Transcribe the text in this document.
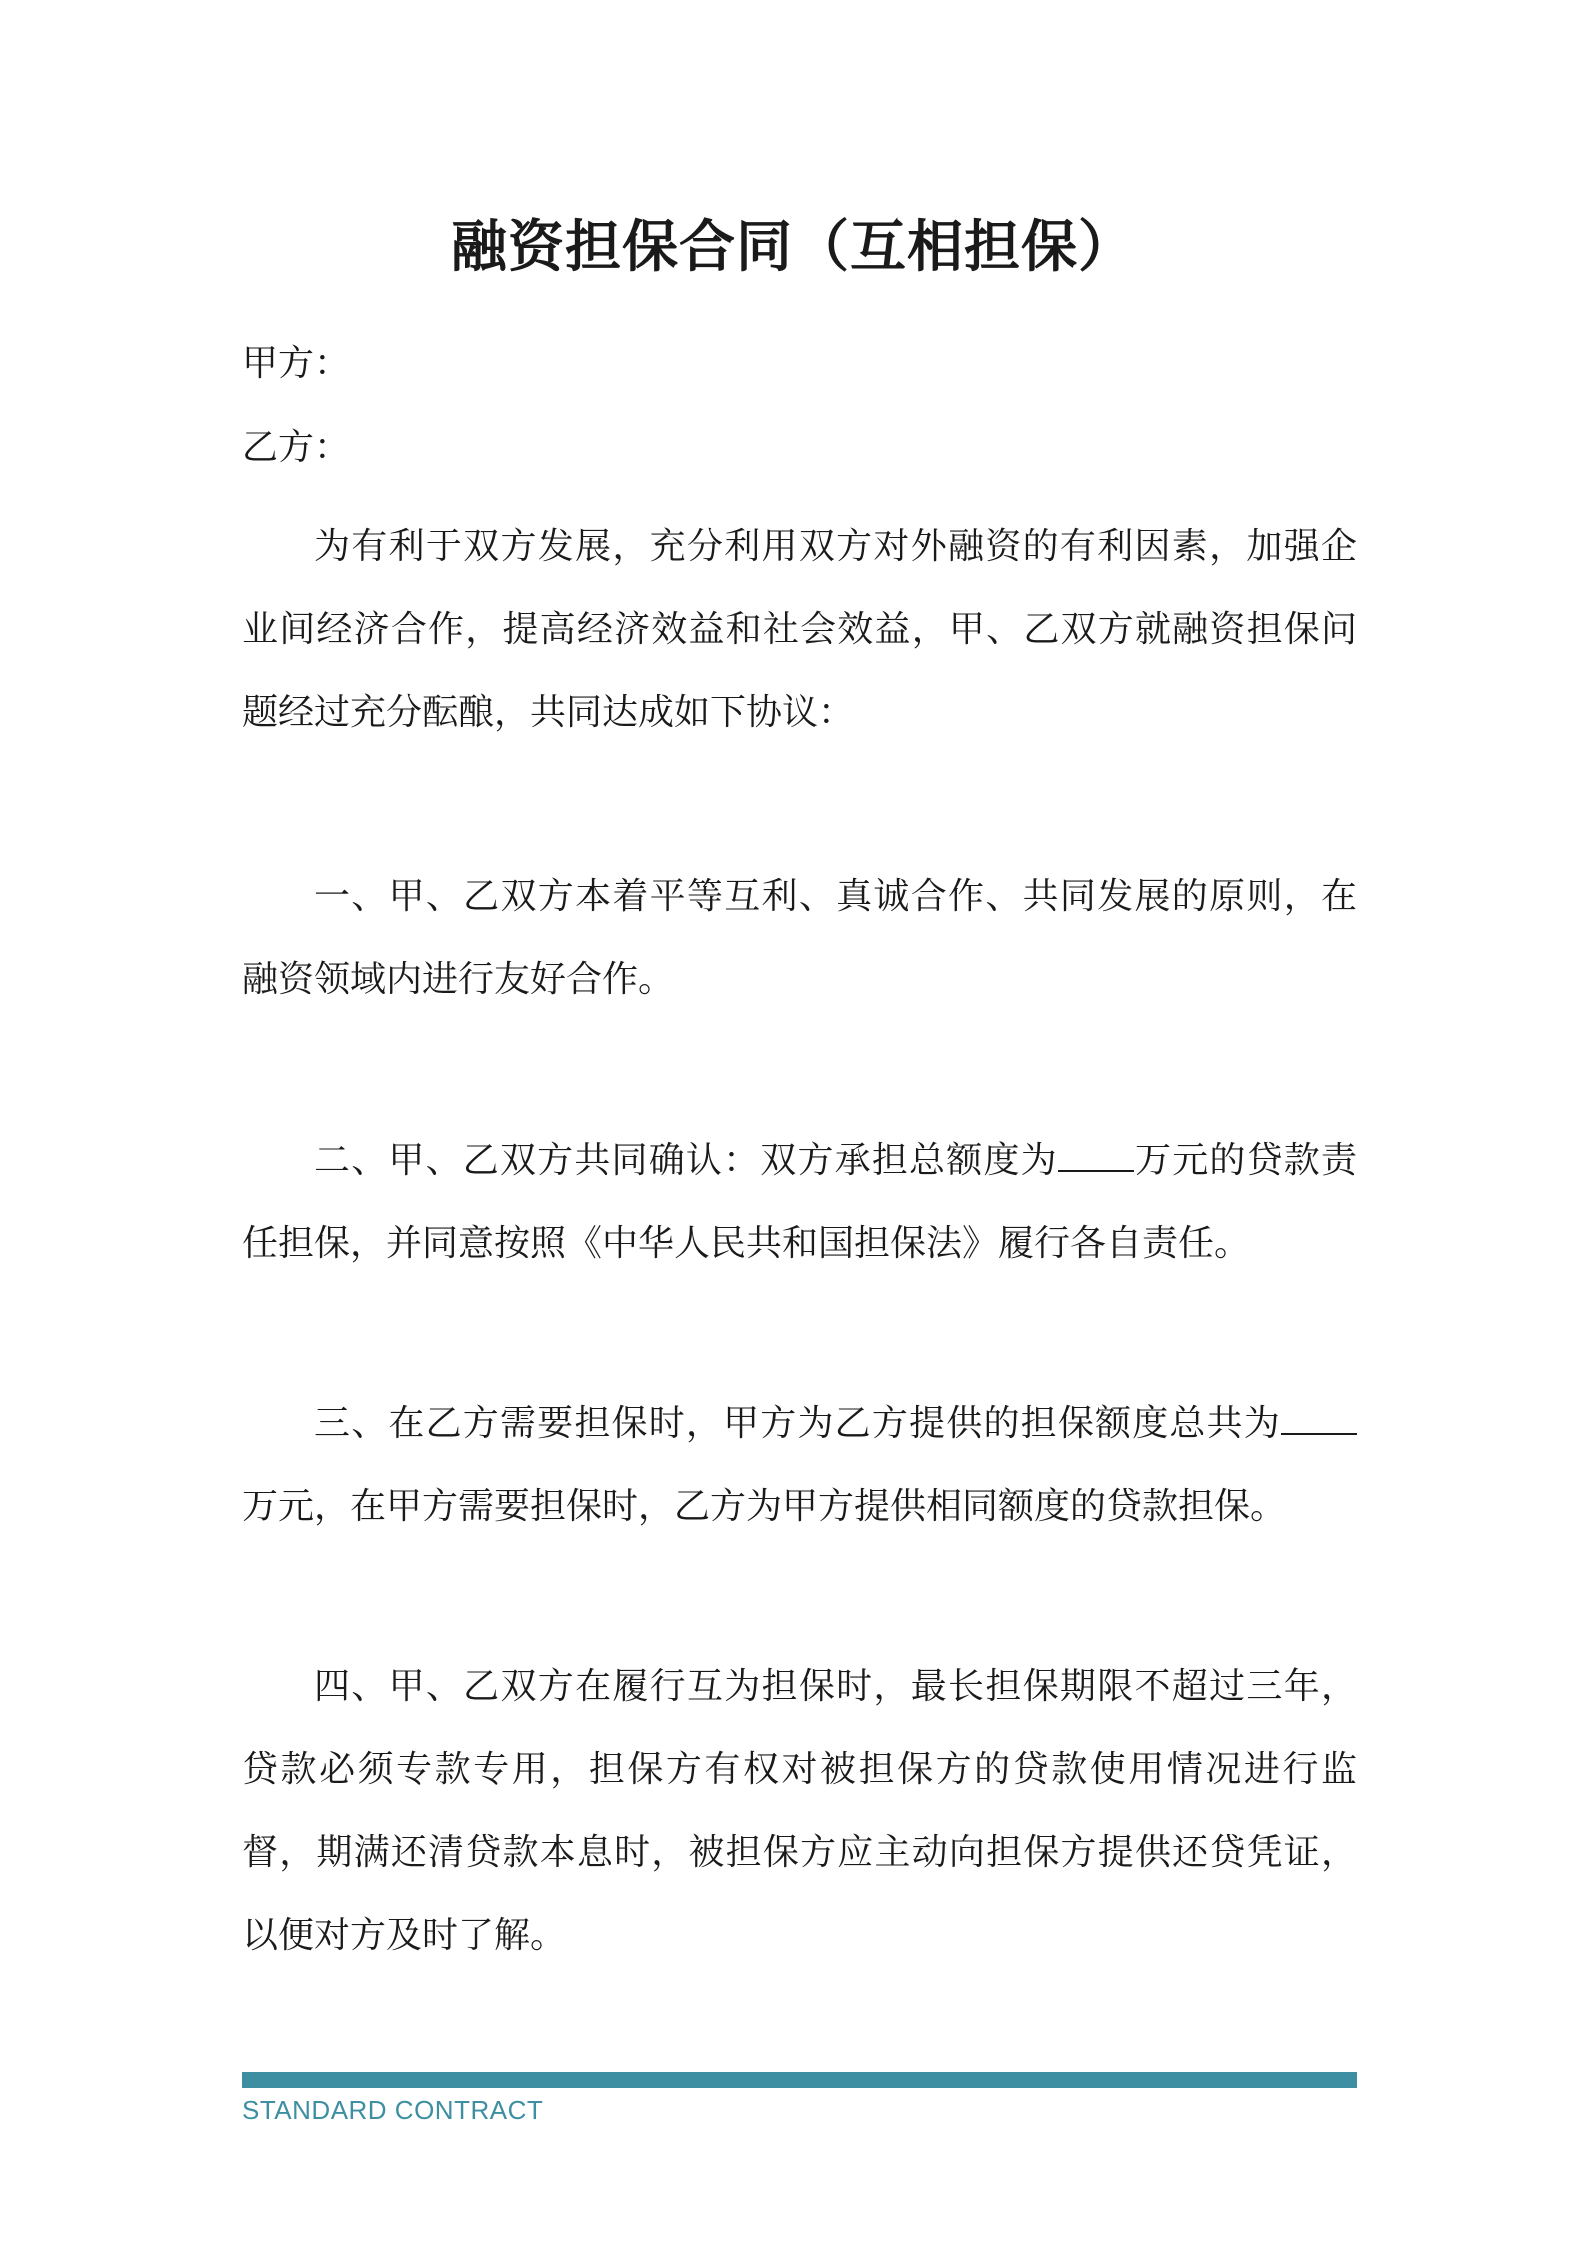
融资担保合同（互相担保）

甲方：

乙方：

为有利于双方发展，充分利用双方对外融资的有利因素，加强企业间经济合作，提高经济效益和社会效益，甲、乙双方就融资担保问题经过充分酝酿，共同达成如下协议：

一、甲、乙双方本着平等互利、真诚合作、共同发展的原则，在融资领域内进行友好合作。

二、甲、乙双方共同确认：双方承担总额度为 万元的贷款责任担保，并同意按照《中华人民共和国担保法》履行各自责任。

三、在乙方需要担保时，甲方为乙方提供的担保额度总共为万元，在甲方需要担保时，乙方为甲方提供相同额度的贷款担保。

四、甲、乙双方在履行互为担保时，最长担保期限不超过三年，贷款必须专款专用，担保方有权对被担保方的贷款使用情况进行监督，期满还清贷款本息时，被担保方应主动向担保方提供还贷凭证，以便对方及时了解。

STANDARD CONTRACT
